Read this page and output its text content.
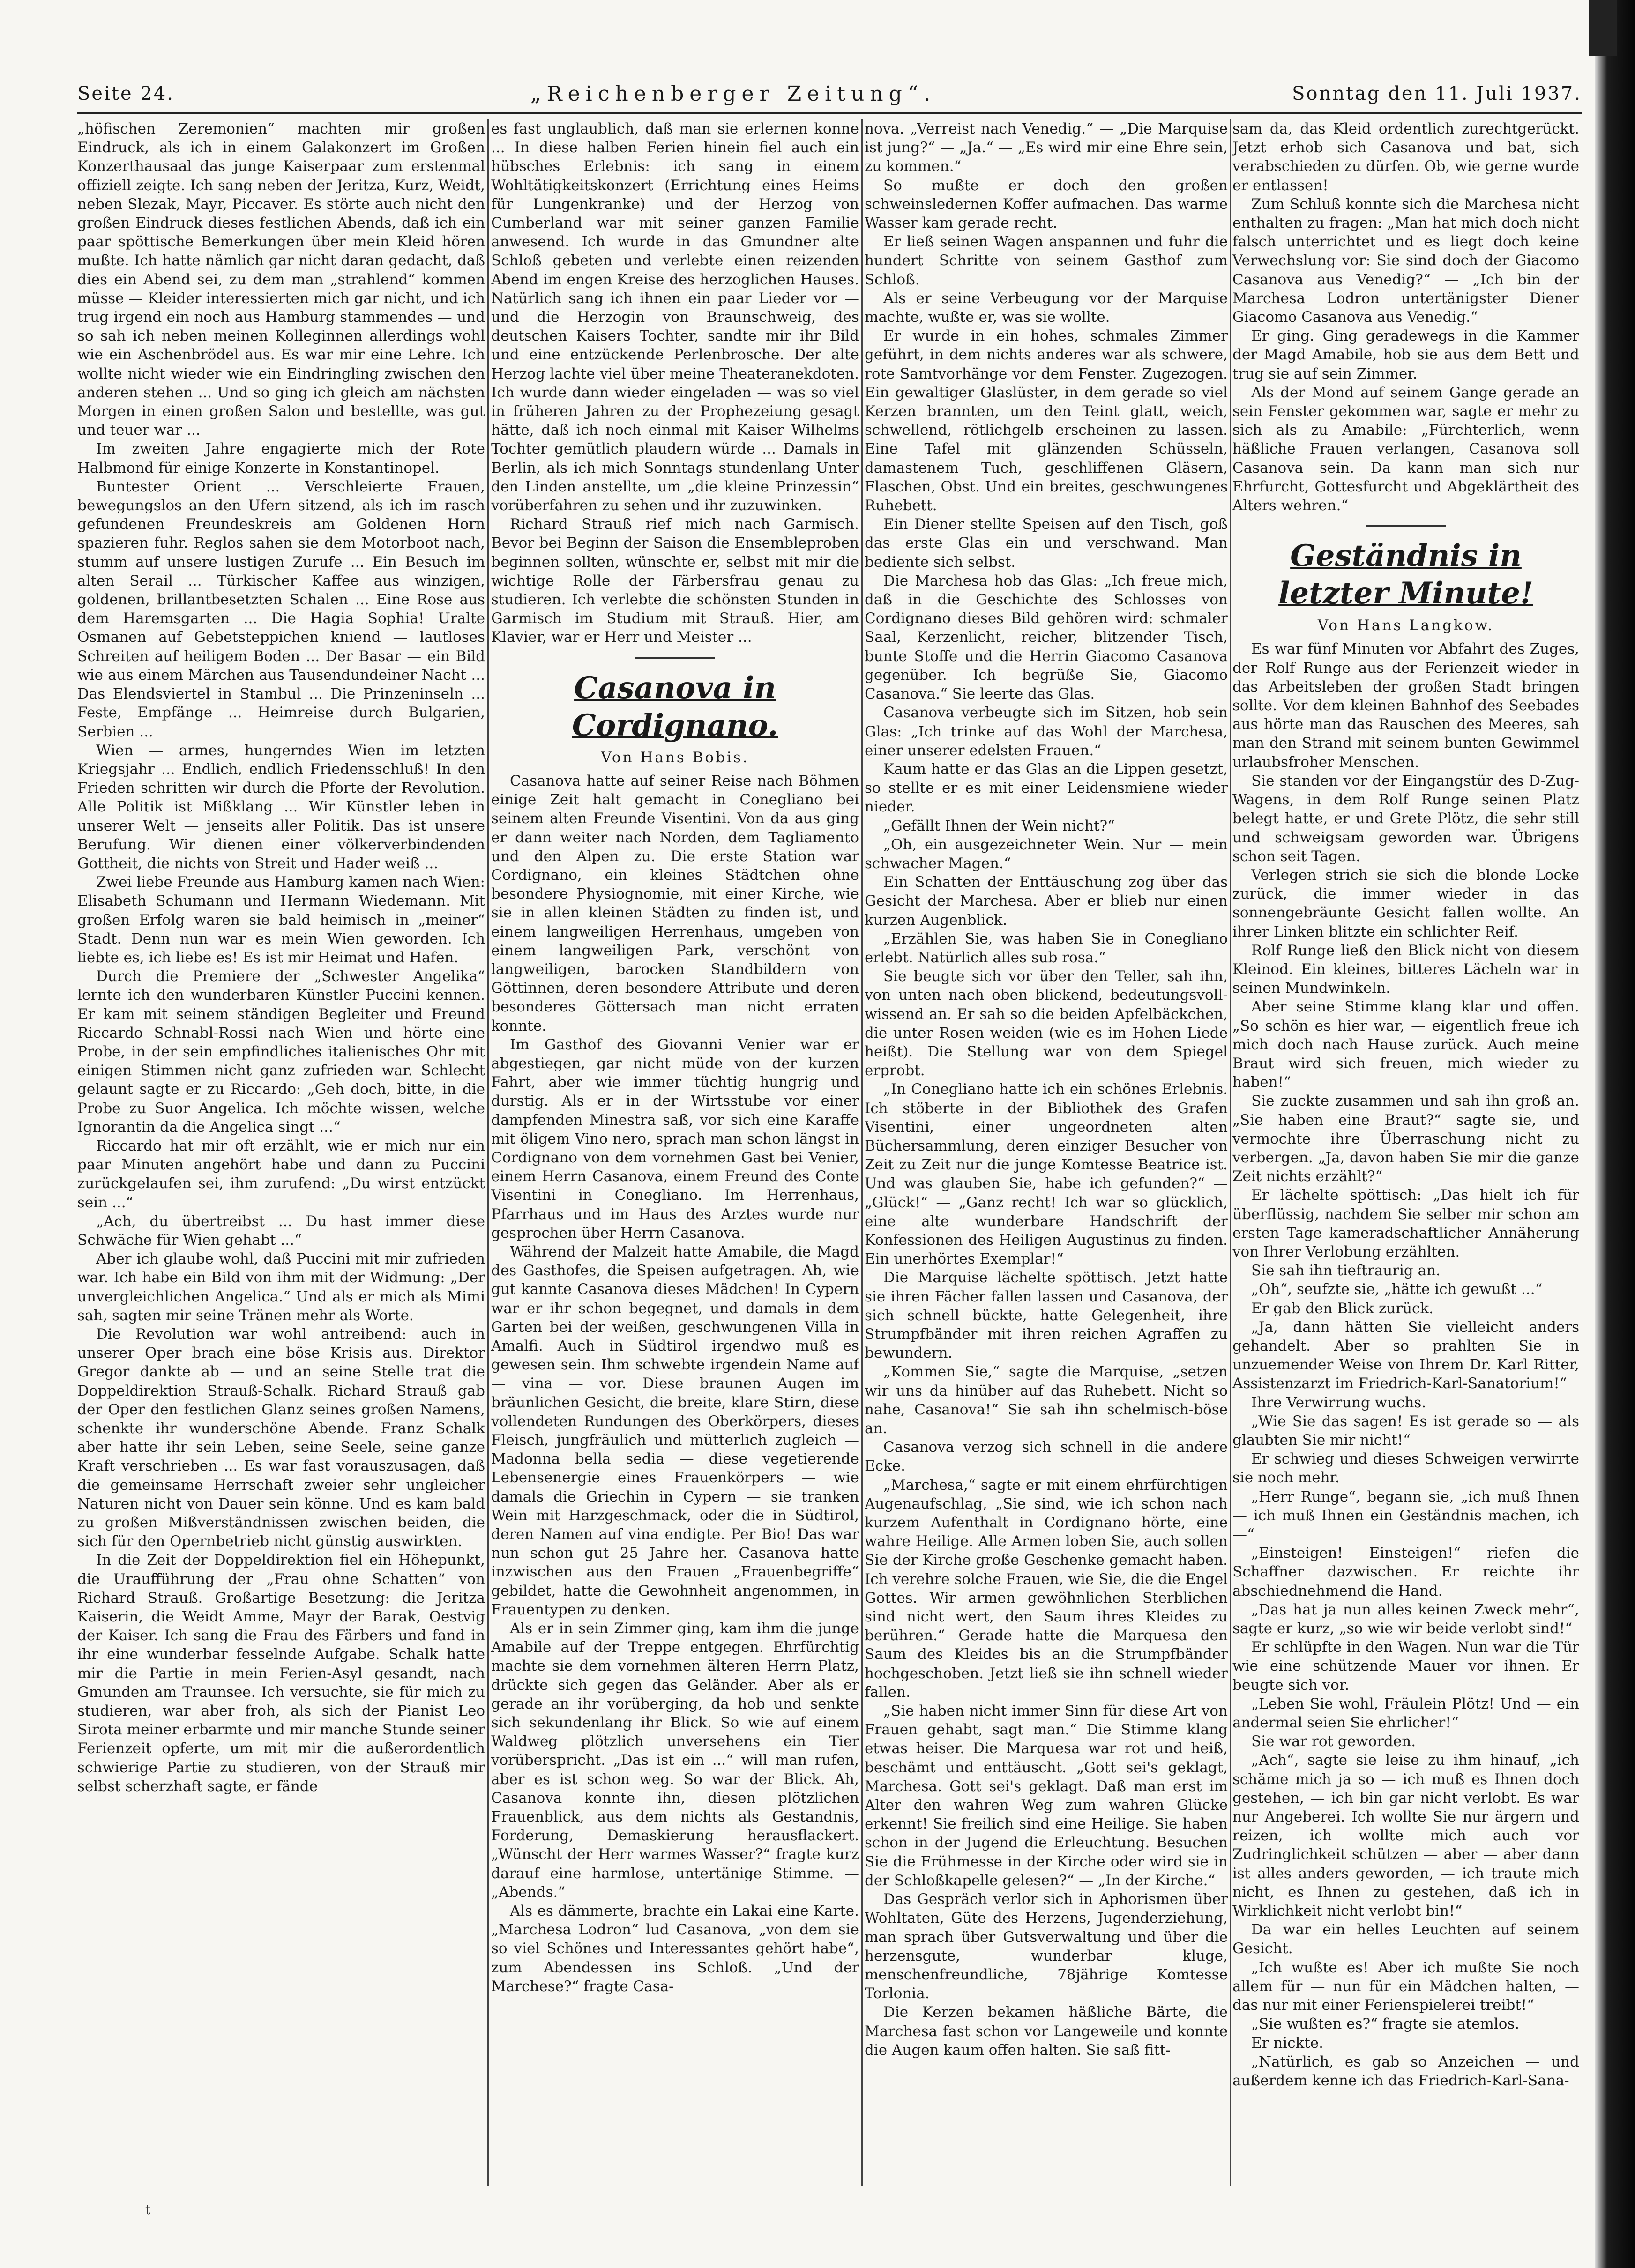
Seite 24.	„Reichenberger Zeitung“.	Sonntag den 11. Juli 1937.

„höfischen Zeremonien“ machten mir großen Eindruck, als ich in einem Galakonzert im Großen Konzerthausaal das junge Kaiserpaar zum erstenmal offiziell zeigte. Ich sang neben der Jeritza, Kurz, Weidt, neben Slezak, Mayr, Piccaver. Es störte auch nicht den großen Eindruck dieses festlichen Abends, daß ich ein paar spöttische Bemerkungen über mein Kleid hören mußte. Ich hatte nämlich gar nicht daran gedacht, daß dies ein Abend sei, zu dem man „strahlend“ kommen müsse — Kleider interessierten mich gar nicht, und ich trug irgend ein noch aus Hamburg stammendes — und so sah ich neben meinen Kolleginnen allerdings wohl wie ein Aschenbrödel aus. Es war mir eine Lehre. Ich wollte nicht wieder wie ein Eindringling zwischen den anderen stehen ... Und so ging ich gleich am nächsten Morgen in einen großen Salon und bestellte, was gut und teuer war ...

Im zweiten Jahre engagierte mich der Rote Halbmond für einige Konzerte in Konstantinopel.

Buntester Orient ... Verschleierte Frauen, bewegungslos an den Ufern sitzend, als ich im rasch gefundenen Freundeskreis am Goldenen Horn spazieren fuhr. Reglos sahen sie dem Motorboot nach, stumm auf unsere lustigen Zurufe ... Ein Besuch im alten Serail ... Türkischer Kaffee aus winzigen, goldenen, brillantbesetzten Schalen ... Eine Rose aus dem Haremsgarten ... Die Hagia Sophia! Uralte Osmanen auf Gebetsteppichen kniend — lautloses Schreiten auf heiligem Boden ... Der Basar — ein Bild wie aus einem Märchen aus Tausendundeiner Nacht ... Das Elendsviertel in Stambul ... Die Prinzeninseln ... Feste, Empfänge ... Heimreise durch Bulgarien, Serbien ...

Wien — armes, hungerndes Wien im letzten Kriegsjahr ... Endlich, endlich Friedensschluß! In den Frieden schritten wir durch die Pforte der Revolution. Alle Politik ist Mißklang ... Wir Künstler leben in unserer Welt — jenseits aller Politik. Das ist unsere Berufung. Wir dienen einer völkerverbindenden Gottheit, die nichts von Streit und Hader weiß ...

Zwei liebe Freunde aus Hamburg kamen nach Wien: Elisabeth Schumann und Hermann Wiedemann. Mit großen Erfolg waren sie bald heimisch in „meiner“ Stadt. Denn nun war es mein Wien geworden. Ich liebte es, ich liebe es! Es ist mir Heimat und Hafen.

Durch die Premiere der „Schwester Angelika“ lernte ich den wunderbaren Künstler Puccini kennen. Er kam mit seinem ständigen Begleiter und Freund Riccardo Schnabl-Rossi nach Wien und hörte eine Probe, in der sein empfindliches italienisches Ohr mit einigen Stimmen nicht ganz zufrieden war. Schlecht gelaunt sagte er zu Riccardo: „Geh doch, bitte, in die Probe zu Suor Angelica. Ich möchte wissen, welche Ignorantin da die Angelica singt ...“

Riccardo hat mir oft erzählt, wie er mich nur ein paar Minuten angehört habe und dann zu Puccini zurückgelaufen sei, ihm zurufend: „Du wirst entzückt sein ...“

„Ach, du übertreibst ... Du hast immer diese Schwäche für Wien gehabt ...“

Aber ich glaube wohl, daß Puccini mit mir zufrieden war. Ich habe ein Bild von ihm mit der Widmung: „Der unvergleichlichen Angelica.“ Und als er mich als Mimi sah, sagten mir seine Tränen mehr als Worte.

Die Revolution war wohl antreibend: auch in unserer Oper brach eine böse Krisis aus. Direktor Gregor dankte ab — und an seine Stelle trat die Doppeldirektion Strauß-Schalk. Richard Strauß gab der Oper den festlichen Glanz seines großen Namens, schenkte ihr wunderschöne Abende. Franz Schalk aber hatte ihr sein Leben, seine Seele, seine ganze Kraft verschrieben ... Es war fast vorauszusagen, daß die gemeinsame Herrschaft zweier sehr ungleicher Naturen nicht von Dauer sein könne. Und es kam bald zu großen Mißverständnissen zwischen beiden, die sich für den Opernbetrieb nicht günstig auswirkten.

In die Zeit der Doppeldirektion fiel ein Höhepunkt, die Uraufführung der „Frau ohne Schatten“ von Richard Strauß. Großartige Besetzung: die Jeritza Kaiserin, die Weidt Amme, Mayr der Barak, Oestvig der Kaiser. Ich sang die Frau des Färbers und fand in ihr eine wunderbar fesselnde Aufgabe. Schalk hatte mir die Partie in mein Ferien-Asyl gesandt, nach Gmunden am Traunsee. Ich versuchte, sie für mich zu studieren, war aber froh, als sich der Pianist Leo Sirota meiner erbarmte und mir manche Stunde seiner Ferienzeit opferte, um mit mir die außerordentlich schwierige Partie zu studieren, von der Strauß mir selbst scherzhaft sagte, er fände

es fast unglaublich, daß man sie erlernen konne ... In diese halben Ferien hinein fiel auch ein hübsches Erlebnis: ich sang in einem Wohltätigkeitskonzert (Errichtung eines Heims für Lungenkranke) und der Herzog von Cumberland war mit seiner ganzen Familie anwesend. Ich wurde in das Gmundner alte Schloß gebeten und verlebte einen reizenden Abend im engen Kreise des herzoglichen Hauses. Natürlich sang ich ihnen ein paar Lieder vor — und die Herzogin von Braunschweig, des deutschen Kaisers Tochter, sandte mir ihr Bild und eine entzückende Perlenbrosche. Der alte Herzog lachte viel über meine Theateranekdoten. Ich wurde dann wieder eingeladen — was so viel in früheren Jahren zu der Prophezeiung gesagt hätte, daß ich noch einmal mit Kaiser Wilhelms Tochter gemütlich plaudern würde ... Damals in Berlin, als ich mich Sonntags stundenlang Unter den Linden anstellte, um „die kleine Prinzessin“ vorüberfahren zu sehen und ihr zuzuwinken.

Richard Strauß rief mich nach Garmisch. Bevor bei Beginn der Saison die Ensembleproben beginnen sollten, wünschte er, selbst mit mir die wichtige Rolle der Färbersfrau genau zu studieren. Ich verlebte die schönsten Stunden in Garmisch im Studium mit Strauß. Hier, am Klavier, war er Herr und Meister ...

Casanova in Cordignano.
Von Hans Bobis.

Casanova hatte auf seiner Reise nach Böhmen einige Zeit halt gemacht in Conegliano bei seinem alten Freunde Visentini. Von da aus ging er dann weiter nach Norden, dem Tagliamento und den Alpen zu. Die erste Station war Cordignano, ein kleines Städtchen ohne besondere Physiognomie, mit einer Kirche, wie sie in allen kleinen Städten zu finden ist, und einem langweiligen Herrenhaus, umgeben von einem langweiligen Park, verschönt von langweiligen, barocken Standbildern von Göttinnen, deren besondere Attribute und deren besonderes Göttersach man nicht erraten konnte.

Im Gasthof des Giovanni Venier war er abgestiegen, gar nicht müde von der kurzen Fahrt, aber wie immer tüchtig hungrig und durstig. Als er in der Wirtsstube vor einer dampfenden Minestra saß, vor sich eine Karaffe mit öligem Vino nero, sprach man schon längst in Cordignano von dem vornehmen Gast bei Venier, einem Herrn Casanova, einem Freund des Conte Visentini in Conegliano. Im Herrenhaus, Pfarrhaus und im Haus des Arztes wurde nur gesprochen über Herrn Casanova.

Während der Malzeit hatte Amabile, die Magd des Gasthofes, die Speisen aufgetragen. Ah, wie gut kannte Casanova dieses Mädchen! In Cypern war er ihr schon begegnet, und damals in dem Garten bei der weißen, geschwungenen Villa in Amalfi. Auch in Südtirol irgendwo muß es gewesen sein. Ihm schwebte irgendein Name auf — vina — vor. Diese braunen Augen im bräunlichen Gesicht, die breite, klare Stirn, diese vollendeten Rundungen des Oberkörpers, dieses Fleisch, jungfräulich und mütterlich zugleich — Madonna bella sedia — diese vegetierende Lebensenergie eines Frauenkörpers — wie damals die Griechin in Cypern — sie tranken Wein mit Harzgeschmack, oder die in Südtirol, deren Namen auf vina endigte. Per Bio! Das war nun schon gut 25 Jahre her. Casanova hatte inzwischen aus den Frauen „Frauenbegriffe“ gebildet, hatte die Gewohnheit angenommen, in Frauentypen zu denken.

Als er in sein Zimmer ging, kam ihm die junge Amabile auf der Treppe entgegen. Ehrfürchtig machte sie dem vornehmen älteren Herrn Platz, drückte sich gegen das Geländer. Aber als er gerade an ihr vorüberging, da hob und senkte sich sekundenlang ihr Blick. So wie auf einem Waldweg plötzlich unversehens ein Tier vorüberspricht. „Das ist ein ...“ will man rufen, aber es ist schon weg. So war der Blick. Ah, Casanova konnte ihn, diesen plötzlichen Frauenblick, aus dem nichts als Gestandnis, Forderung, Demaskierung herausflackert. „Wünscht der Herr warmes Wasser?“ fragte kurz darauf eine harmlose, untertänige Stimme. — „Abends.“

Als es dämmerte, brachte ein Lakai eine Karte. „Marchesa Lodron“ lud Casanova, „von dem sie so viel Schönes und Interessantes gehört habe“, zum Abendessen ins Schloß. „Und der Marchese?“ fragte Casa-

nova. „Verreist nach Venedig.“ — „Die Marquise ist jung?“ — „Ja.“ — „Es wird mir eine Ehre sein, zu kommen.“

So mußte er doch den großen schweinsledernen Koffer aufmachen. Das warme Wasser kam gerade recht.

Er ließ seinen Wagen anspannen und fuhr die hundert Schritte von seinem Gasthof zum Schloß.

Als er seine Verbeugung vor der Marquise machte, wußte er, was sie wollte.

Er wurde in ein hohes, schmales Zimmer geführt, in dem nichts anderes war als schwere, rote Samtvorhänge vor dem Fenster. Zugezogen. Ein gewaltiger Glaslüster, in dem gerade so viel Kerzen brannten, um den Teint glatt, weich, schwellend, rötlichgelb erscheinen zu lassen. Eine Tafel mit glänzenden Schüsseln, damastenem Tuch, geschliffenen Gläsern, Flaschen, Obst. Und ein breites, geschwungenes Ruhebett.

Ein Diener stellte Speisen auf den Tisch, goß das erste Glas ein und verschwand. Man bediente sich selbst.

Die Marchesa hob das Glas: „Ich freue mich, daß in die Geschichte des Schlosses von Cordignano dieses Bild gehören wird: schmaler Saal, Kerzenlicht, reicher, blitzender Tisch, bunte Stoffe und die Herrin Giacomo Casanova gegenüber. Ich begrüße Sie, Giacomo Casanova.“ Sie leerte das Glas.

Casanova verbeugte sich im Sitzen, hob sein Glas: „Ich trinke auf das Wohl der Marchesa, einer unserer edelsten Frauen.“

Kaum hatte er das Glas an die Lippen gesetzt, so stellte er es mit einer Leidensmiene wieder nieder.

„Gefällt Ihnen der Wein nicht?“

„Oh, ein ausgezeichneter Wein. Nur — mein schwacher Magen.“

Ein Schatten der Enttäuschung zog über das Gesicht der Marchesa. Aber er blieb nur einen kurzen Augenblick.

„Erzählen Sie, was haben Sie in Conegliano erlebt. Natürlich alles sub rosa.“

Sie beugte sich vor über den Teller, sah ihn, von unten nach oben blickend, bedeutungsvoll-wissend an. Er sah so die beiden Apfelbäckchen, die unter Rosen weiden (wie es im Hohen Liede heißt). Die Stellung war von dem Spiegel erprobt.

„In Conegliano hatte ich ein schönes Erlebnis. Ich stöberte in der Bibliothek des Grafen Visentini, einer ungeordneten alten Büchersammlung, deren einziger Besucher von Zeit zu Zeit nur die junge Komtesse Beatrice ist. Und was glauben Sie, habe ich gefunden?“ — „Glück!“ — „Ganz recht! Ich war so glücklich, eine alte wunderbare Handschrift der Konfessionen des Heiligen Augustinus zu finden. Ein unerhörtes Exemplar!“

Die Marquise lächelte spöttisch. Jetzt hatte sie ihren Fächer fallen lassen und Casanova, der sich schnell bückte, hatte Gelegenheit, ihre Strumpfbänder mit ihren reichen Agraffen zu bewundern.

„Kommen Sie,“ sagte die Marquise, „setzen wir uns da hinüber auf das Ruhebett. Nicht so nahe, Casanova!“ Sie sah ihn schelmisch-böse an.

Casanova verzog sich schnell in die andere Ecke.

„Marchesa,“ sagte er mit einem ehrfürchtigen Augenaufschlag, „Sie sind, wie ich schon nach kurzem Aufenthalt in Cordignano hörte, eine wahre Heilige. Alle Armen loben Sie, auch sollen Sie der Kirche große Geschenke gemacht haben. Ich verehre solche Frauen, wie Sie, die die Engel Gottes. Wir armen gewöhnlichen Sterblichen sind nicht wert, den Saum ihres Kleides zu berühren.“ Gerade hatte die Marquesa den Saum des Kleides bis an die Strumpfbänder hochgeschoben. Jetzt ließ sie ihn schnell wieder fallen.

„Sie haben nicht immer Sinn für diese Art von Frauen gehabt, sagt man.“ Die Stimme klang etwas heiser. Die Marquesa war rot und heiß, beschämt und enttäuscht. „Gott sei's geklagt, Marchesa. Gott sei's geklagt. Daß man erst im Alter den wahren Weg zum wahren Glücke erkennt! Sie freilich sind eine Heilige. Sie haben schon in der Jugend die Erleuchtung. Besuchen Sie die Frühmesse in der Kirche oder wird sie in der Schloßkapelle gelesen?“ — „In der Kirche.“

Das Gespräch verlor sich in Aphorismen über Wohltaten, Güte des Herzens, Jugenderziehung, man sprach über Gutsverwaltung und über die herzensgute, wunderbar kluge, menschenfreundliche, 78jährige Komtesse Torlonia.

Die Kerzen bekamen häßliche Bärte, die Marchesa fast schon vor Langeweile und konnte die Augen kaum offen halten. Sie saß fitt-

sam da, das Kleid ordentlich zurechtgerückt. Jetzt erhob sich Casanova und bat, sich verabschieden zu dürfen. Ob, wie gerne wurde er entlassen!

Zum Schluß konnte sich die Marchesa nicht enthalten zu fragen: „Man hat mich doch nicht falsch unterrichtet und es liegt doch keine Verwechslung vor: Sie sind doch der Giacomo Casanova aus Venedig?“ — „Ich bin der Marchesa Lodron untertänigster Diener Giacomo Casanova aus Venedig.“

Er ging. Ging geradewegs in die Kammer der Magd Amabile, hob sie aus dem Bett und trug sie auf sein Zimmer.

Als der Mond auf seinem Gange gerade an sein Fenster gekommen war, sagte er mehr zu sich als zu Amabile: „Fürchterlich, wenn häßliche Frauen verlangen, Casanova soll Casanova sein. Da kann man sich nur Ehrfurcht, Gottesfurcht und Abgeklärtheit des Alters wehren.“

Geständnis in letzter Minute!
Von Hans Langkow.

Es war fünf Minuten vor Abfahrt des Zuges, der Rolf Runge aus der Ferienzeit wieder in das Arbeitsleben der großen Stadt bringen sollte. Vor dem kleinen Bahnhof des Seebades aus hörte man das Rauschen des Meeres, sah man den Strand mit seinem bunten Gewimmel urlaubsfroher Menschen.

Sie standen vor der Eingangstür des D-Zug-Wagens, in dem Rolf Runge seinen Platz belegt hatte, er und Grete Plötz, die sehr still und schweigsam geworden war. Übrigens schon seit Tagen.

Verlegen strich sie sich die blonde Locke zurück, die immer wieder in das sonnengebräunte Gesicht fallen wollte. An ihrer Linken blitzte ein schlichter Reif.

Rolf Runge ließ den Blick nicht von diesem Kleinod. Ein kleines, bitteres Lächeln war in seinen Mundwinkeln.

Aber seine Stimme klang klar und offen. „So schön es hier war, — eigentlich freue ich mich doch nach Hause zurück. Auch meine Braut wird sich freuen, mich wieder zu haben!“

Sie zuckte zusammen und sah ihn groß an. „Sie haben eine Braut?“ sagte sie, und vermochte ihre Überraschung nicht zu verbergen. „Ja, davon haben Sie mir die ganze Zeit nichts erzählt?“

Er lächelte spöttisch: „Das hielt ich für überflüssig, nachdem Sie selber mir schon am ersten Tage kameradschaftlicher Annäherung von Ihrer Verlobung erzählten.

Sie sah ihn tieftraurig an.

„Oh“, seufzte sie, „hätte ich gewußt ...“

Er gab den Blick zurück.

„Ja, dann hätten Sie vielleicht anders gehandelt. Aber so prahlten Sie in unzuemender Weise von Ihrem Dr. Karl Ritter, Assistenzarzt im Friedrich-Karl-Sanatorium!“

Ihre Verwirrung wuchs.

„Wie Sie das sagen! Es ist gerade so — als glaubten Sie mir nicht!“

Er schwieg und dieses Schweigen verwirrte sie noch mehr.

„Herr Runge“, begann sie, „ich muß Ihnen — ich muß Ihnen ein Geständnis machen, ich —“

„Einsteigen! Einsteigen!“ riefen die Schaffner dazwischen. Er reichte ihr abschiednehmend die Hand.

„Das hat ja nun alles keinen Zweck mehr“, sagte er kurz, „so wie wir beide verlobt sind!“

Er schlüpfte in den Wagen. Nun war die Tür wie eine schützende Mauer vor ihnen. Er beugte sich vor.

„Leben Sie wohl, Fräulein Plötz! Und — ein andermal seien Sie ehrlicher!“

Sie war rot geworden.

„Ach“, sagte sie leise zu ihm hinauf, „ich schäme mich ja so — ich muß es Ihnen doch gestehen, — ich bin gar nicht verlobt. Es war nur Angeberei. Ich wollte Sie nur ärgern und reizen, ich wollte mich auch vor Zudringlichkeit schützen — aber — aber dann ist alles anders geworden, — ich traute mich nicht, es Ihnen zu gestehen, daß ich in Wirklichkeit nicht verlobt bin!“

Da war ein helles Leuchten auf seinem Gesicht.

„Ich wußte es! Aber ich mußte Sie noch allem für — nun für ein Mädchen halten, — das nur mit einer Ferienspielerei treibt!“

„Sie wußten es?“ fragte sie atemlos.

Er nickte.

„Natürlich, es gab so Anzeichen — und außerdem kenne ich das Friedrich-Karl-Sana-

t
